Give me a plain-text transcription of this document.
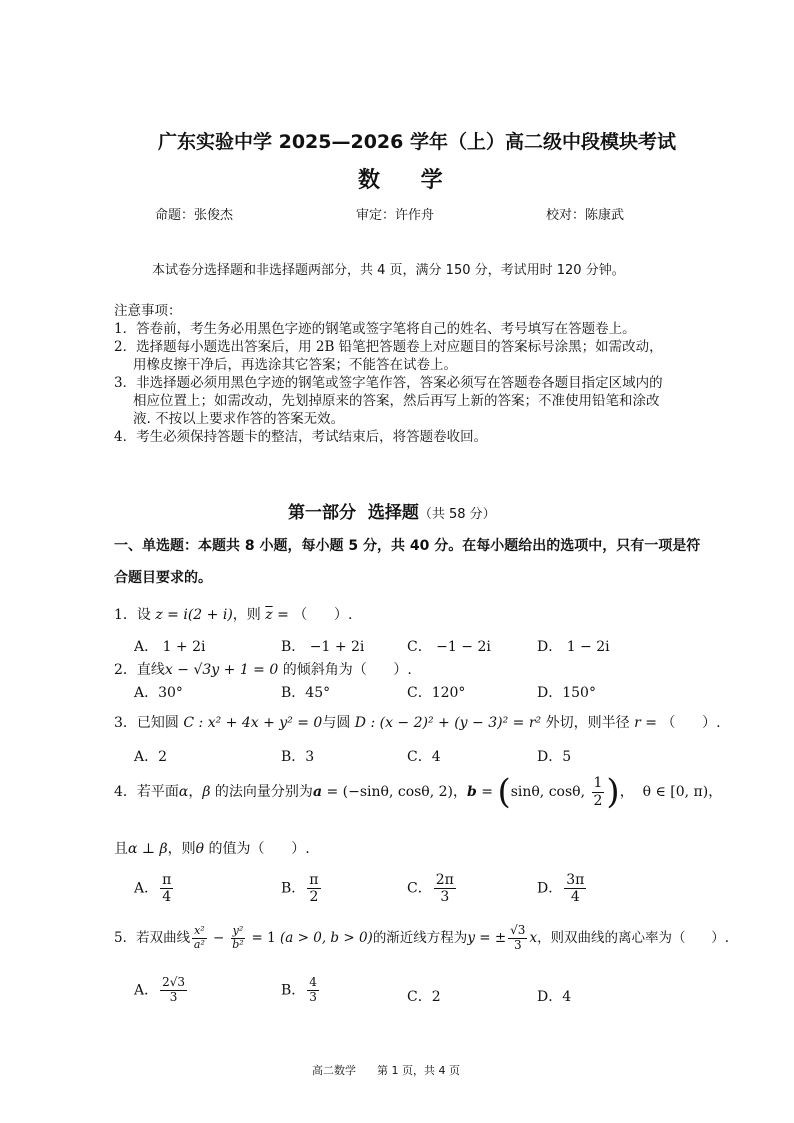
广东实验中学 2025—2026 学年（上）高二级中段模块考试
数    学
命题：张俊杰	审定：许作舟	校对：陈康武
本试卷分选择题和非选择题两部分，共 4 页，满分 150 分，考试用时 120 分钟。
注意事项：
1．答卷前，考生务必用黑色字迹的钢笔或签字笔将自己的姓名、考号填写在答题卷上。
2．选择题每小题选出答案后，用 2B 铅笔把答题卷上对应题目的答案标号涂黑；如需改动，
用橡皮擦干净后，再选涂其它答案；不能答在试卷上。
3．非选择题必须用黑色字迹的钢笔或签字笔作答，答案必须写在答题卷各题目指定区域内的
相应位置上；如需改动，先划掉原来的答案，然后再写上新的答案；不准使用铅笔和涂改
液. 不按以上要求作答的答案无效。
4．考生必须保持答题卡的整洁，考试结束后，将答题卷收回。
第一部分  选择题（共 58 分）
一、单选题：本题共 8 小题，每小题 5 分，共 40 分。在每小题给出的选项中，只有一项是符
合题目要求的。
1．设 z = i(2 + i)，则 $\overline{z}$ = （      ）.
A． 1 + 2i	B． −1 + 2i	C． −1 − 2i	D． 1 − 2i
2．直线x − √3y + 1 = 0 的倾斜角为（      ）.
A．30°	B．45°	C．120°	D．150°
3．已知圆 C : x² + 4x + y² = 0与圆 D : (x − 2)² + (y − 3)² = r² 外切，则半径 r = （      ）.
A．2	B．3	C．4	D．5
4．若平面α，β 的法向量分别为a = (−sinθ, cosθ, 2)，b = (sinθ, cosθ, $\frac{1}{2}$ )，  θ ∈ [0, π)，
且α ⊥ β，则θ 的值为（      ）.
A． $\frac{\pi}{4}$	B． $\frac{\pi}{2}$	C． $\frac{2\pi}{3}$	D． $\frac{3\pi}{4}$
5．若双曲线 $\frac{\text{x²}}{\text{a²}} - \frac{\text{y²}}{\text{b²}} = 1$ (a > 0, b > 0)的渐近线方程为y = ± $\frac{√3}{3}$ x，则双曲线的离心率为（      ）.
A． $\frac{2√3}{3}$	B． $\frac{4}{3}$	C．2	D．4
高二数学      第 1 页，共 4 页
